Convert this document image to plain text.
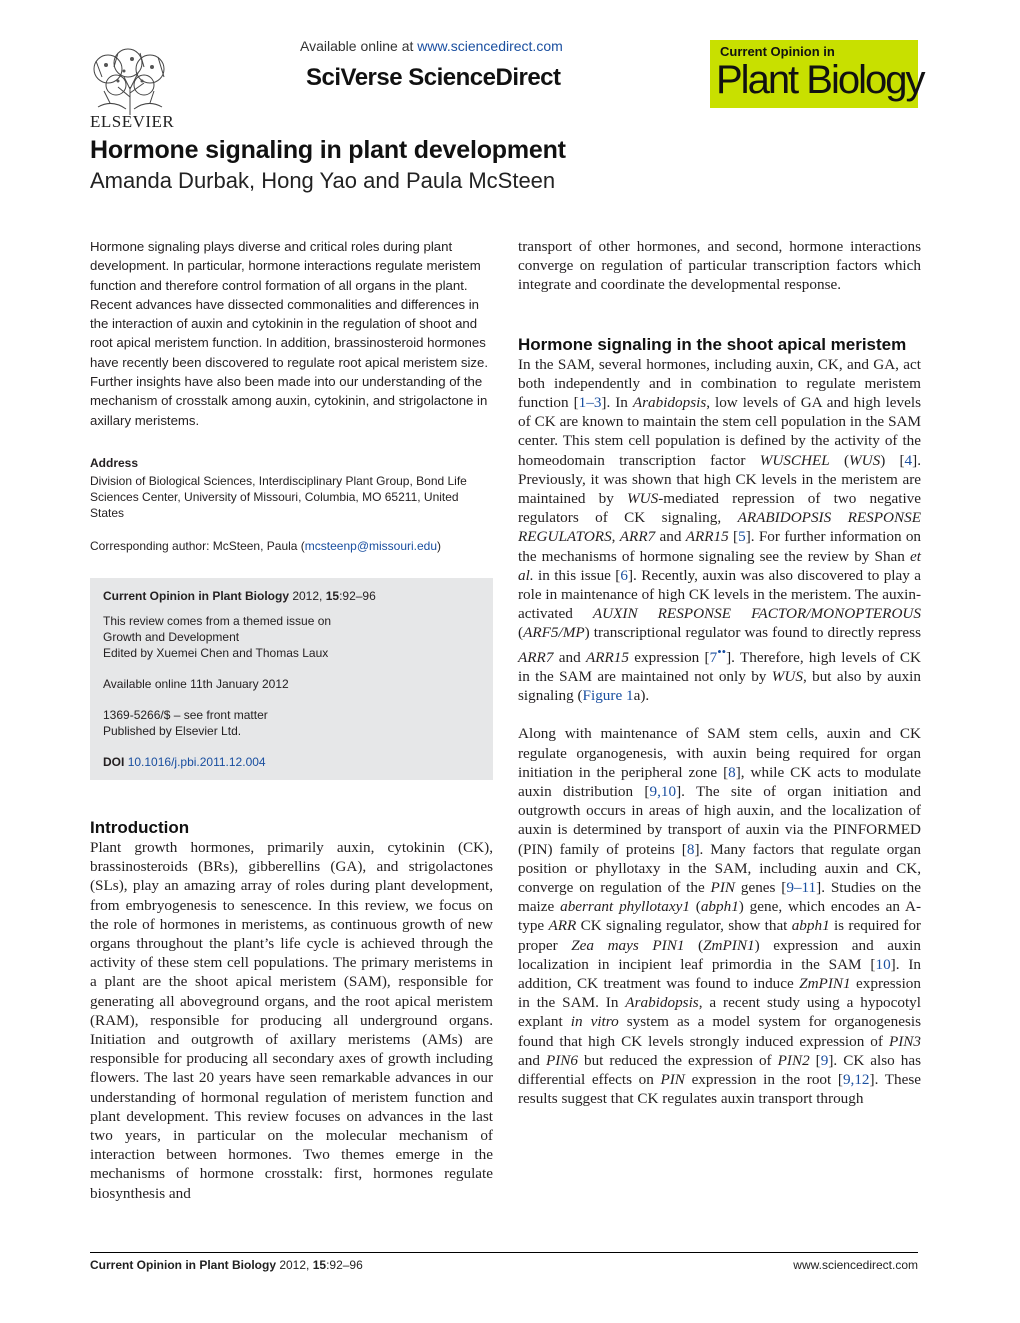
ELSEVIER
Available online at www.sciencedirect.com
SciVerse ScienceDirect
Current Opinion in
Plant Biology
Hormone signaling in plant development
Amanda Durbak, Hong Yao and Paula McSteen

Hormone signaling plays diverse and critical roles during plant development. In particular, hormone interactions regulate meristem function and therefore control formation of all organs in the plant. Recent advances have dissected commonalities and differences in the interaction of auxin and cytokinin in the regulation of shoot and root apical meristem function. In addition, brassinosteroid hormones have recently been discovered to regulate root apical meristem size. Further insights have also been made into our understanding of the mechanism of crosstalk among auxin, cytokinin, and strigolactone in axillary meristems.

Address

Division of Biological Sciences, Interdisciplinary Plant Group, Bond Life Sciences Center, University of Missouri, Columbia, MO 65211, United States

Corresponding author: McSteen, Paula (mcsteenp@missouri.edu)

Current Opinion in Plant Biology 2012, 15:92–96

This review comes from a themed issue on

Growth and Development

Edited by Xuemei Chen and Thomas Laux

Available online 11th January 2012

1369-5266/$ – see front matter

Published by Elsevier Ltd.

DOI 10.1016/j.pbi.2011.12.004

Introduction

Plant growth hormones, primarily auxin, cytokinin (CK), brassinosteroids (BRs), gibberellins (GA), and strigolactones (SLs), play an amazing array of roles during plant development, from embryogenesis to senescence. In this review, we focus on the role of hormones in meristems, as continuous growth of new organs throughout the plant’s life cycle is achieved through the activity of these stem cell populations. The primary meristems in a plant are the shoot apical meristem (SAM), responsible for generating all aboveground organs, and the root apical meristem (RAM), responsible for producing all underground organs. Initiation and outgrowth of axillary meristems (AMs) are responsible for producing all secondary axes of growth including flowers. The last 20 years have seen remarkable advances in our understanding of hormonal regulation of meristem function and plant development. This review focuses on advances in the last two years, in particular on the molecular mechanism of interaction between hormones. Two themes emerge in the mechanisms of hormone crosstalk: first, hormones regulate biosynthesis and

transport of other hormones, and second, hormone interactions converge on regulation of particular transcription factors which integrate and coordinate the developmental response.

Hormone signaling in the shoot apical meristem

In the SAM, several hormones, including auxin, CK, and GA, act both independently and in combination to regulate meristem function [1–3]. In Arabidopsis, low levels of GA and high levels of CK are known to maintain the stem cell population in the SAM center. This stem cell population is defined by the activity of the homeodomain transcription factor WUSCHEL (WUS) [4]. Previously, it was shown that high CK levels in the meristem are maintained by WUS-mediated repression of two negative regulators of CK signaling, ARABIDOPSIS RESPONSE REGULATORS, ARR7 and ARR15 [5]. For further information on the mechanisms of hormone signaling see the review by Shan et al. in this issue [6]. Recently, auxin was also discovered to play a role in maintenance of high CK levels in the meristem. The auxin-activated AUXIN RESPONSE FACTOR/MONOPTEROUS (ARF5/MP) transcriptional regulator was found to directly repress ARR7 and ARR15 expression [7••]. Therefore, high levels of CK in the SAM are maintained not only by WUS, but also by auxin signaling (Figure 1a).

Along with maintenance of SAM stem cells, auxin and CK regulate organogenesis, with auxin being required for organ initiation in the peripheral zone [8], while CK acts to modulate auxin distribution [9,10]. The site of organ initiation and outgrowth occurs in areas of high auxin, and the localization of auxin is determined by transport of auxin via the PINFORMED (PIN) family of proteins [8]. Many factors that regulate organ position or phyllotaxy in the SAM, including auxin and CK, converge on regulation of the PIN genes [9–11]. Studies on the maize aberrant phyllotaxy1 (abph1) gene, which encodes an A-type ARR CK signaling regulator, show that abph1 is required for proper Zea mays PIN1 (ZmPIN1) expression and auxin localization in incipient leaf primordia in the SAM [10]. In addition, CK treatment was found to induce ZmPIN1 expression in the SAM. In Arabidopsis, a recent study using a hypocotyl explant in vitro system as a model system for organogenesis found that high CK levels strongly induced expression of PIN3 and PIN6 but reduced the expression of PIN2 [9]. CK also has differential effects on PIN expression in the root [9,12]. These results suggest that CK regulates auxin transport through

Current Opinion in Plant Biology 2012, 15:92–96	www.sciencedirect.com
